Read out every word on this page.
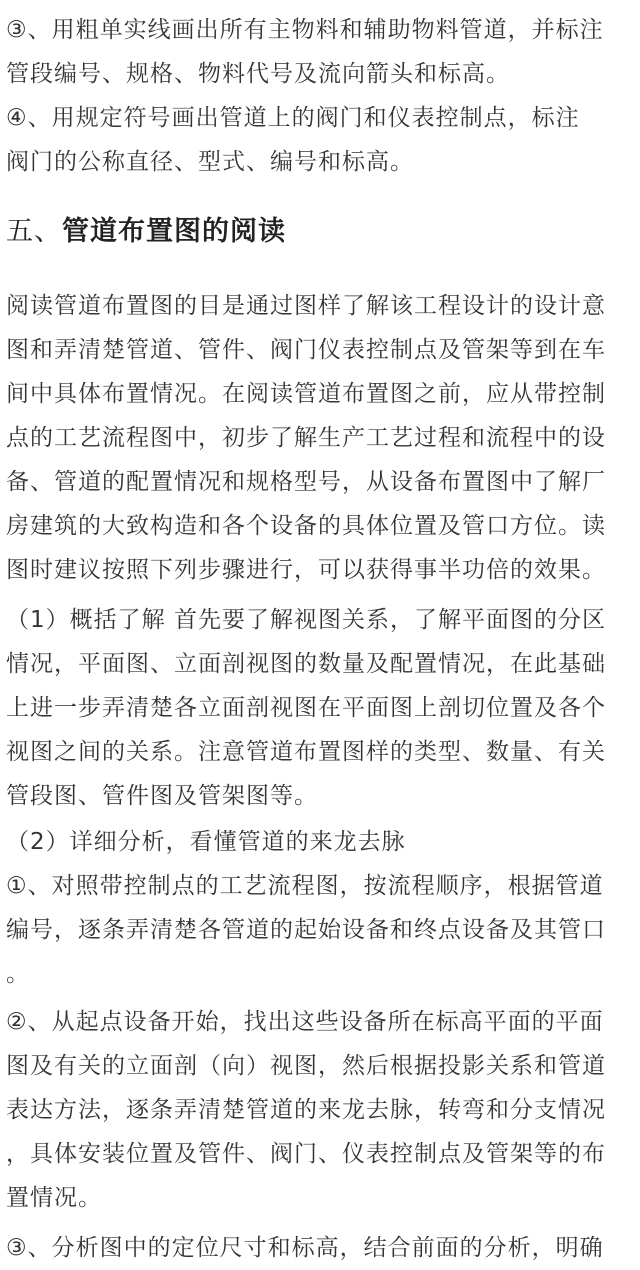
③、用粗单实线画出所有主物料和辅助物料管道，并标注
管段编号、规格、物料代号及流向箭头和标高。
④、用规定符号画出管道上的阀门和仪表控制点，标注
阀门的公称直径、型式、编号和标高。
五、管道布置图的阅读
阅读管道布置图的目是通过图样了解该工程设计的设计意
图和弄清楚管道、管件、阀门仪表控制点及管架等到在车
间中具体布置情况。在阅读管道布置图之前，应从带控制
点的工艺流程图中，初步了解生产工艺过程和流程中的设
备、管道的配置情况和规格型号，从设备布置图中了解厂
房建筑的大致构造和各个设备的具体位置及管口方位。读
图时建议按照下列步骤进行，可以获得事半功倍的效果。
（1）概括了解 首先要了解视图关系，了解平面图的分区
情况，平面图、立面剖视图的数量及配置情况，在此基础
上进一步弄清楚各立面剖视图在平面图上剖切位置及各个
视图之间的关系。注意管道布置图样的类型、数量、有关
管段图、管件图及管架图等。
（2）详细分析，看懂管道的来龙去脉
①、对照带控制点的工艺流程图，按流程顺序，根据管道
编号，逐条弄清楚各管道的起始设备和终点设备及其管口
。
②、从起点设备开始，找出这些设备所在标高平面的平面
图及有关的立面剖（向）视图，然后根据投影关系和管道
表达方法，逐条弄清楚管道的来龙去脉，转弯和分支情况
，具体安装位置及管件、阀门、仪表控制点及管架等的布
置情况。
③、分析图中的定位尺寸和标高，结合前面的分析，明确
